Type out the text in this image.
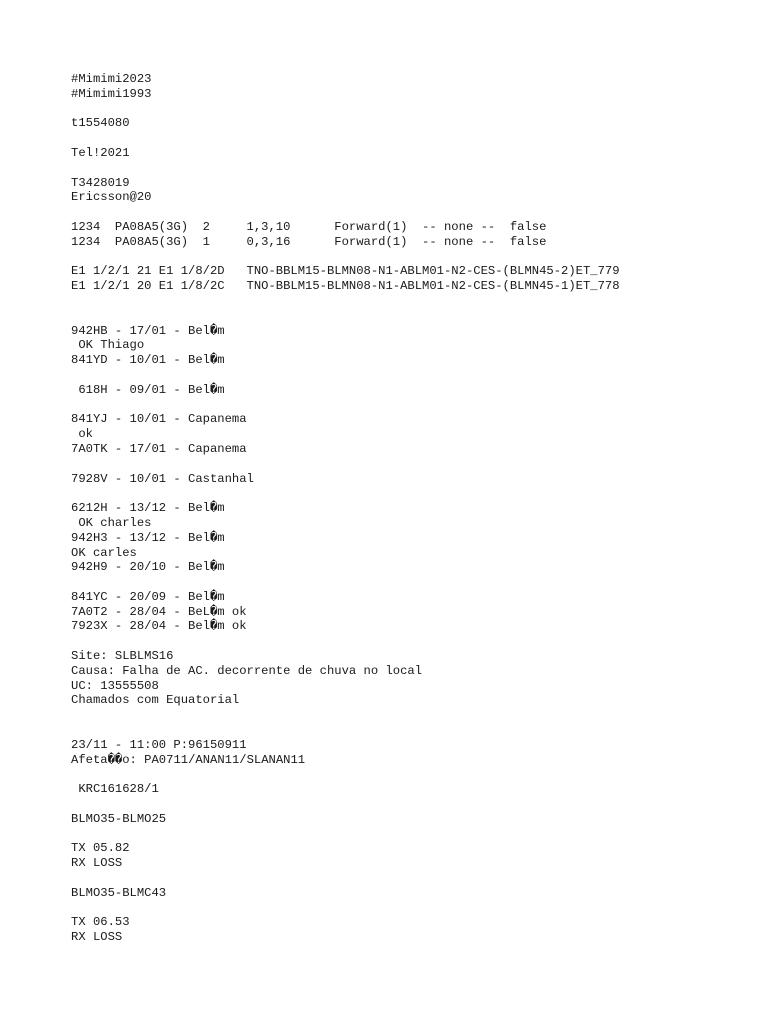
#Mimimi2023
#Mimimi1993
t1554080
Tel!2021
T3428019
Ericsson@20
1234  PA08A5(3G)  2     1,3,10      Forward(1)  -- none --  false
1234  PA08A5(3G)  1     0,3,16      Forward(1)  -- none --  false
E1 1/2/1 21 E1 1/8/2D   TNO-BBLM15-BLMN08-N1-ABLM01-N2-CES-(BLMN45-2)ET_779
E1 1/2/1 20 E1 1/8/2C   TNO-BBLM15-BLMN08-N1-ABLM01-N2-CES-(BLMN45-1)ET_778
942HB - 17/01 - Bel�m
OK Thiago
841YD - 10/01 - Bel�m
618H - 09/01 - Bel�m
841YJ - 10/01 - Capanema
ok
7A0TK - 17/01 - Capanema
7928V - 10/01 - Castanhal
6212H - 13/12 - Bel�m
OK charles
942H3 - 13/12 - Bel�m
OK carles
942H9 - 20/10 - Bel�m
841YC - 20/09 - Bel�m
7A0T2 - 28/04 - BeL�m ok
7923X - 28/04 - Bel�m ok
Site: SLBLMS16
Causa: Falha de AC. decorrente de chuva no local
UC: 13555508
Chamados com Equatorial
23/11 - 11:00 P:96150911
Afeta��o: PA0711/ANAN11/SLANAN11
KRC161628/1
BLMO35-BLMO25
TX 05.82
RX LOSS
BLMO35-BLMC43
TX 06.53
RX LOSS
